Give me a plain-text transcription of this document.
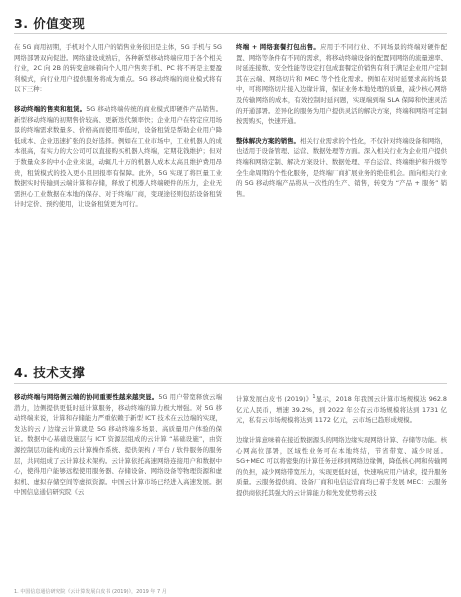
3. 价值变现

在 5G 商用初期，手机对个人用户的销售业务依旧是主体，5G 手机与 5G 网络部署双向促进。网络建设成熟后，各种新型移动终端应用于各个相关行业，2C 向 2B 的转变意味着向个人用户售卖手机、PC 将不再是主要盈利模式，向行业用户提供服务将成为重点。5G 移动终端的商业模式将有以下三种：

移动终端的售卖和租赁。5G 移动终端传统的商业模式即硬件产品销售。新型移动终端的初期售价较高、更新迭代频率快；企业用户在特定应用场景的终端需求数量多、价格高而使用率低时，设备租赁是帮助企业用户降低成本、企业迅速扩张的良好选择。例如在工业市场中，工业机器人的成本很高，有实力的大公司可以直接购买机器人终端，定期花钱维护；但对于数量众多的中小企业来说，动辄几十万的机器人成本太高且维护费用昂贵，租赁模式的投入更小且回报率有保障。此外，5G 实现了将巨量工业数据实时传输到云端计算和存储，释放了机器人终端硬件的压力，企业无需担心工业数据在本地的保存、对于终端厂商，变现途径则包括设备租赁计时定价、预约使用，让设备租赁更为可行。

终端 + 网络套餐打包出售。应用于不同行业、不同场景的终端对硬件配置、网络等条件有不同的需求，将移动终端设备的配置同网络的流量速率、时延连接数、安全性能等设定打包成套餐定价销售有利于满足企业用户定制其在云端、网络切片和 MEC 等个性化需求。例如在对时延要求高的场景中，可将网络切片接入边缘计算，保证业务本地处理的质量，减少核心网络及传输网络的成本，有效控制时延问题，实现端到端 SLA 保障和快速灵活的开通部署。差异化的服务为用户提供灵活的解决方案，终端和网络可定制按需购买，快速开通。

整体解决方案的销售。相关行业需求的个性化，不仅针对终端设备和网络，也适用于设备管理、运营、数据处理等方面。深入相关行业为企业用户提供终端和网络定制、解决方案设计、数据处理、平台运营、终端维护和升级等全生命周期的个性化服务，是终端厂商扩展业务的绝佳机会。面向相关行业的 5G 移动终端产品将从一次性的生产、销售，转变为 “产品 + 服务” 销售。

4. 技术支撑

移动终端与网络侧云端的协同重要性越来越突显。5G 用户带宽释放云端潜力，边侧提供更低时延计算服务，移动终端的算力极大增强。对 5G 移动终端来说，计算和存储能力严重依赖于新型 ICT 技术在云边端的实现，发达的云 / 边缘云计算就是 5G 移动终端多场景、高质量用户体验的保证。数据中心基础设施层与 ICT 资源层组成的云计算 “基础设施”，由资源控制层功能构成的云计算操作系统、提供架构 / 平台 / 软件服务的服务层，共同组成了云计算技术架构。云计算依托高速网络连接用户和数据中心，使得用户能够远程使用服务器、存储设备、网络设备等物理资源和虚拟机、虚拟存储空间等虚拟资源。中国云计算市场已经进入高速发展。据中国信息通信研究院《云

计算发展白皮书 (2019)》$^1$显示，2018 年我国云计算市场规模达 962.8 亿元人民币，增速 39.2%，到 2022 年公有云市场规模将达到 1731 亿元，私有云市场规模将达到 1172 亿元，云市场已趋形成规模。

边缘计算意味着在接近数据源头的网络边缘实现网络计算、存储等功能。核心网高位部署，区域性业务可在本地终结，节省带宽、减少时延。5G+MEC 可以将密集的计算任务迁移到网络边缘侧，降低核心网和传输网的负担，减少网络带宽压力，实现更低时延，快速响应用户请求，提升服务质量。云服务提供商、设备厂商和电信运营商均已着手发展 MEC：云服务提供商依托其强大的云计算能力和先发优势将云技

1. 中国信息通信研究院《云计算发展白皮书 (2019)》，2019 年 7 月
